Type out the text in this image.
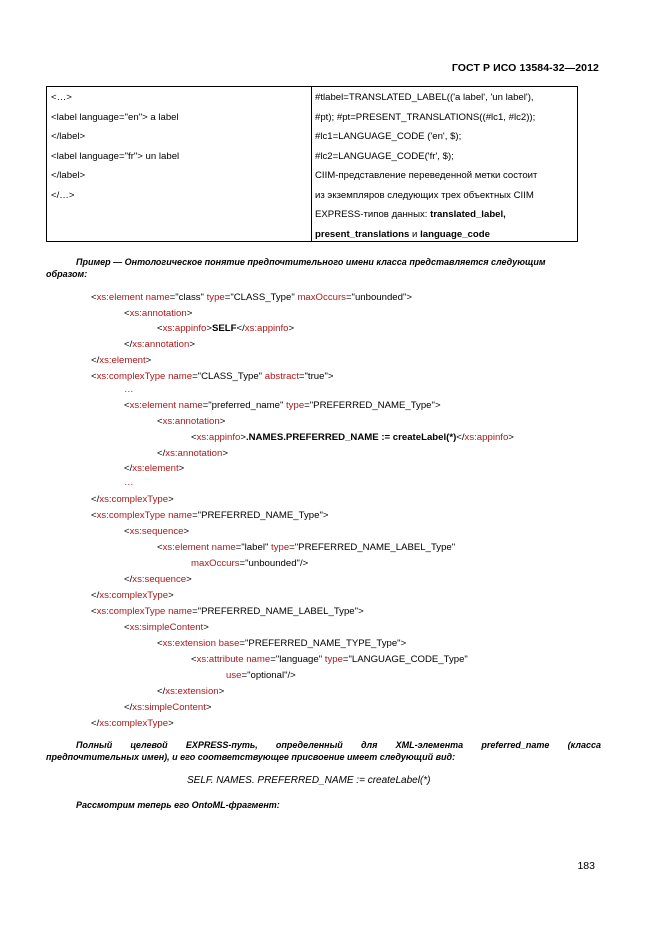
ГОСТ Р ИСО 13584-32—2012
<…>
<label language="en"> a label
</label>
<label language="fr"> un label
</label>
</…>
#tlabel=TRANSLATED_LABEL(('a label', 'un label'),
#pt); #pt=PRESENT_TRANSLATIONS((#lc1, #lc2));
#lc1=LANGUAGE_CODE ('en', $);
#lc2=LANGUAGE_CODE('fr', $);
CIIM-представление переведенной метки состоит
из экземпляров следующих трех объектных CIIM
EXPRESS-типов данных: translated_label,
present_translations и language_code
Пример — Онтологическое понятие предпочтительного имени класса представляется следующим
образом:
<xs:element name="class" type="CLASS_Type" maxOccurs="unbounded">
<xs:annotation>
<xs:appinfo>SELF</xs:appinfo>
</xs:annotation>
</xs:element>
<xs:complexType name="CLASS_Type" abstract="true">
…
<xs:element name="preferred_name" type="PREFERRED_NAME_Type">
<xs:annotation>
<xs:appinfo>.NAMES.PREFERRED_NAME := createLabel(*)</xs:appinfo>
</xs:annotation>
</xs:element>
…
</xs:complexType>
<xs:complexType name="PREFERRED_NAME_Type">
<xs:sequence>
<xs:element name="label" type="PREFERRED_NAME_LABEL_Type"
maxOccurs="unbounded"/>
</xs:sequence>
</xs:complexType>
<xs:complexType name="PREFERRED_NAME_LABEL_Type">
<xs:simpleContent>
<xs:extension base="PREFERRED_NAME_TYPE_Type">
<xs:attribute name="language" type="LANGUAGE_CODE_Type"
use="optional"/>
</xs:extension>
</xs:simpleContent>
</xs:complexType>
Полный целевой EXPRESS-путь, определенный для XML-элемента preferred_name (класса
предпочтительных имен), и его соответствующее присвоение имеет следующий вид:
SELF. NAMES. PREFERRED_NAME := createLabel(*)
Рассмотрим теперь его OntoML-фрагмент:
183
